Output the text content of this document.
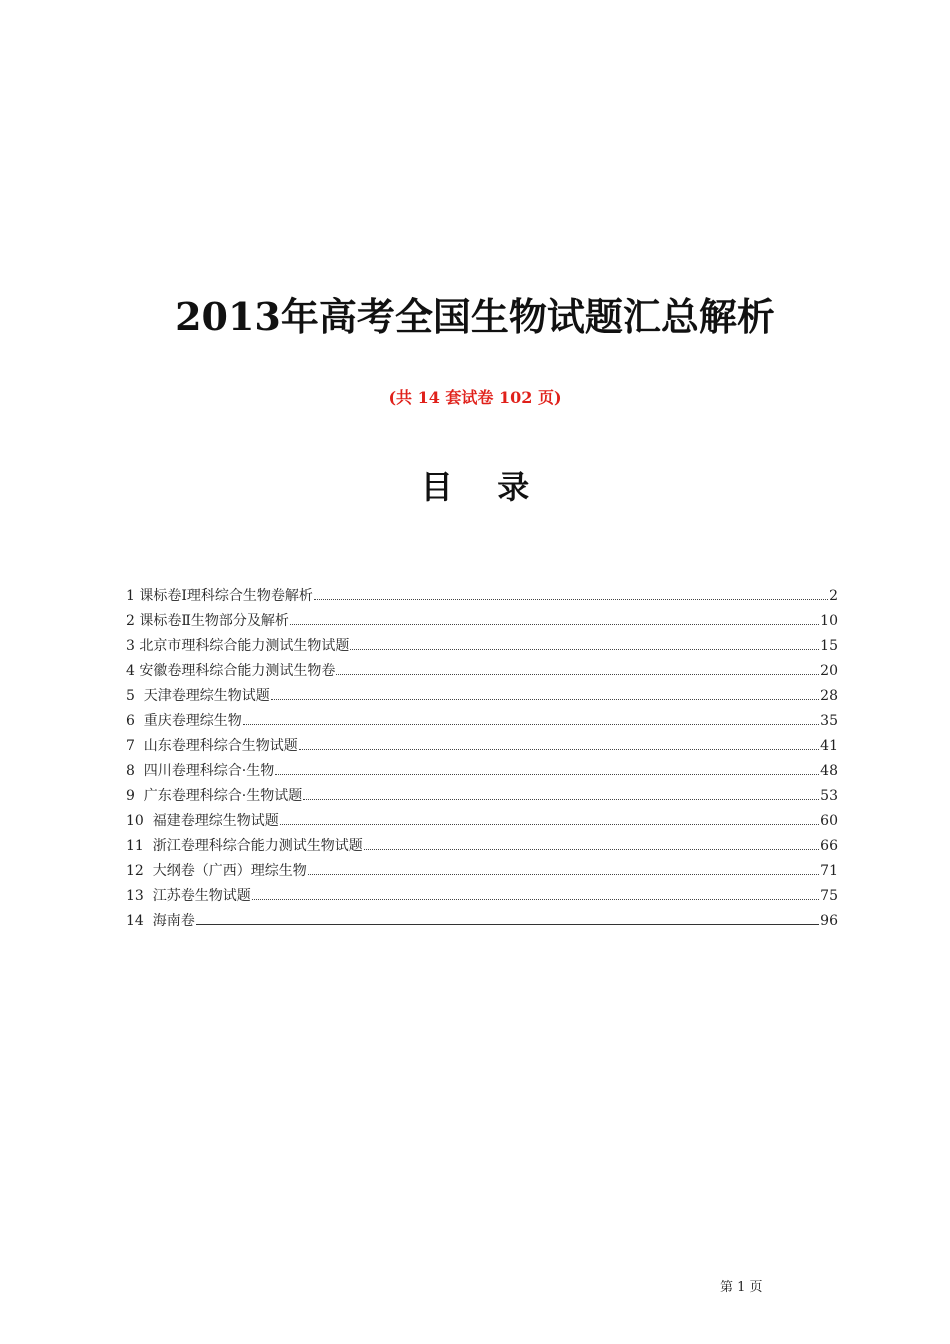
2013年高考全国生物试题汇总解析
(共 14 套试卷 102 页)
目    录
1 课标卷Ⅰ理科综合生物卷解析	2
2 课标卷Ⅱ生物部分及解析	10
3 北京市理科综合能力测试生物试题	15
4 安徽卷理科综合能力测试生物卷	20
5  天津卷理综生物试题	28
6  重庆卷理综生物	35
7  山东卷理科综合生物试题	41
8  四川卷理科综合·生物	48
9  广东卷理科综合·生物试题	53
10  福建卷理综生物试题	60
11  浙江卷理科综合能力测试生物试题	66
12  大纲卷（广西）理综生物	71
13  江苏卷生物试题	75
14  海南卷	96
第 1 页
